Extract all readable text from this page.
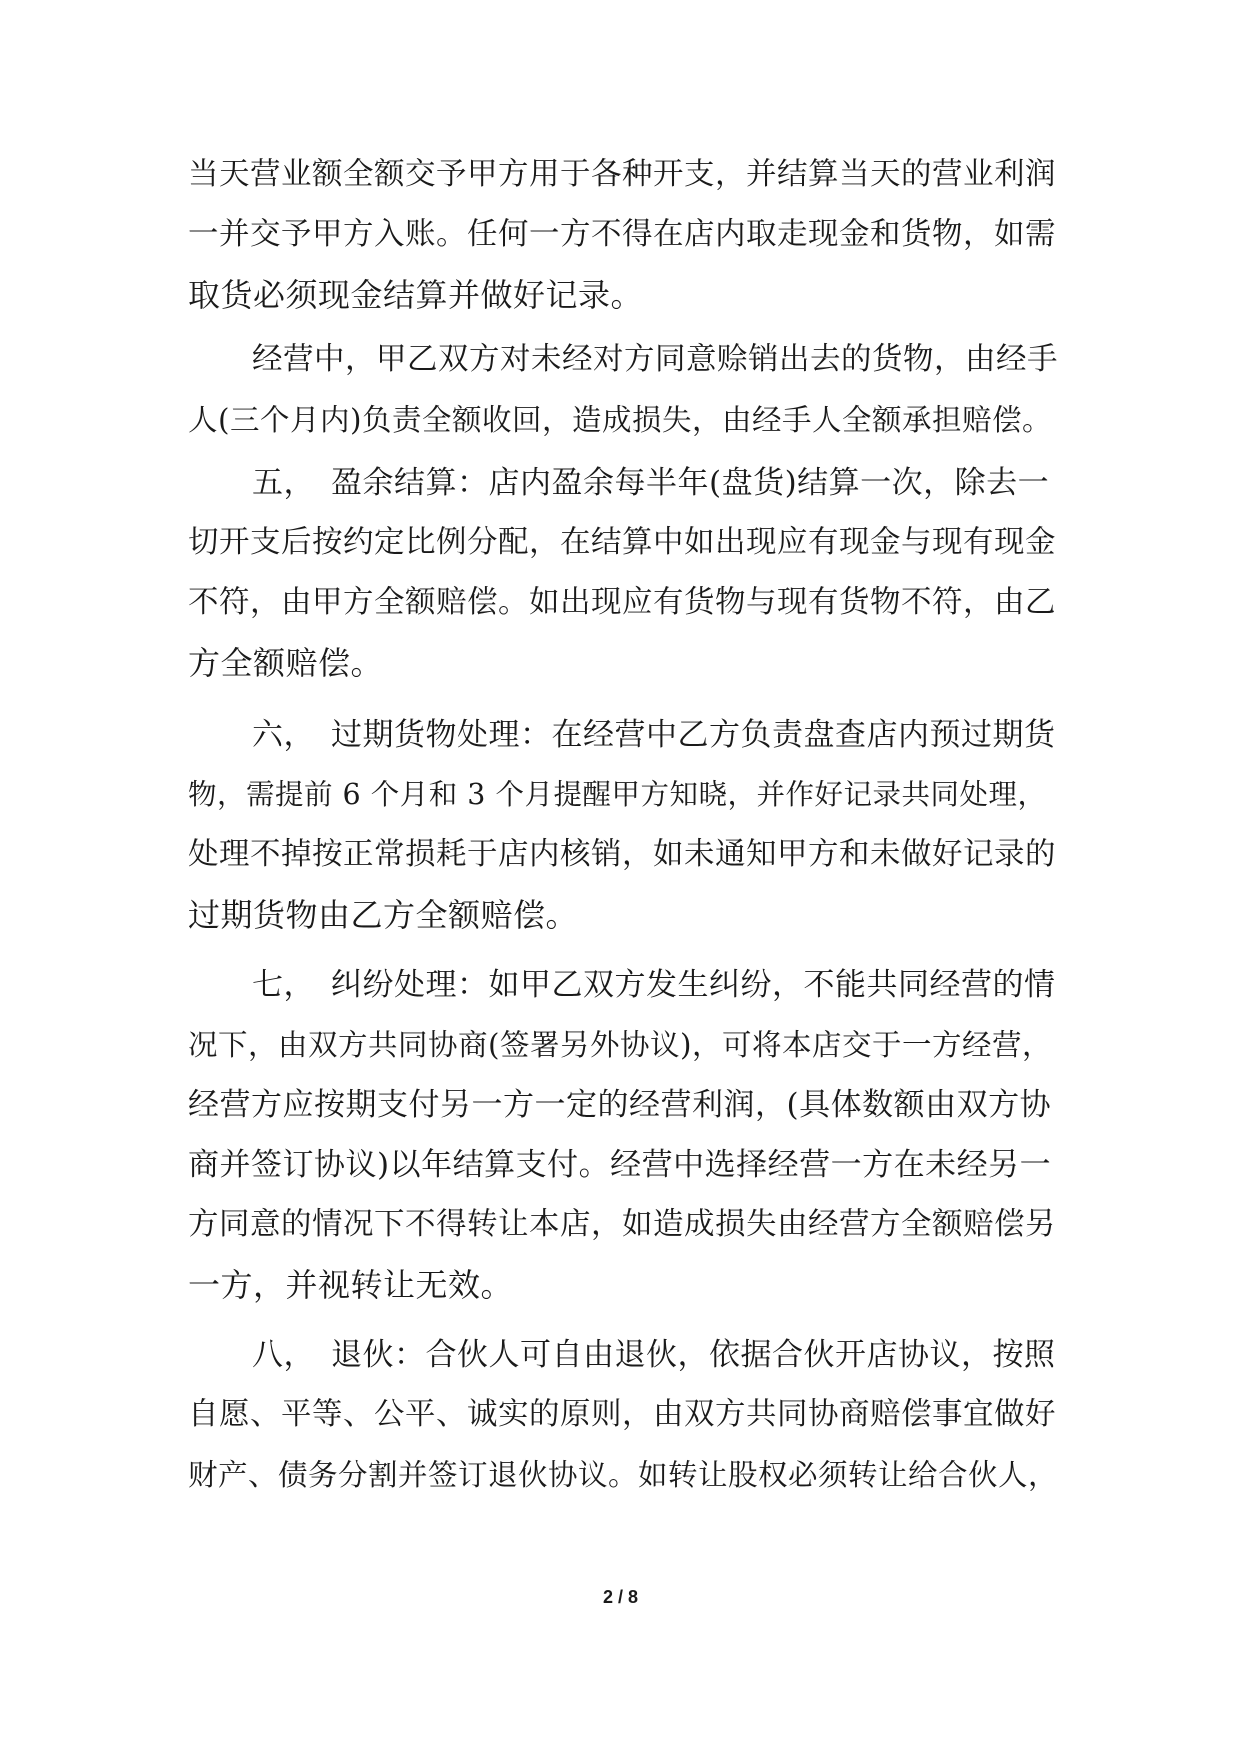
当天营业额全额交予甲方用于各种开支，并结算当天的营业利润
一并交予甲方入账。任何一方不得在店内取走现金和货物，如需
取货必须现金结算并做好记录。
经营中，甲乙双方对未经对方同意赊销出去的货物，由经手
人(三个月内)负责全额收回，造成损失，由经手人全额承担赔偿。
五，　盈余结算：店内盈余每半年(盘货)结算一次，除去一
切开支后按约定比例分配，在结算中如出现应有现金与现有现金
不符，由甲方全额赔偿。如出现应有货物与现有货物不符，由乙
方全额赔偿。
六，　过期货物处理：在经营中乙方负责盘查店内预过期货
物，需提前 6 个月和 3 个月提醒甲方知晓，并作好记录共同处理，
处理不掉按正常损耗于店内核销，如未通知甲方和未做好记录的
过期货物由乙方全额赔偿。
七，　纠纷处理：如甲乙双方发生纠纷，不能共同经营的情
况下，由双方共同协商(签署另外协议)，可将本店交于一方经营，
经营方应按期支付另一方一定的经营利润，(具体数额由双方协
商并签订协议)以年结算支付。经营中选择经营一方在未经另一
方同意的情况下不得转让本店，如造成损失由经营方全额赔偿另
一方，并视转让无效。
八，　退伙：合伙人可自由退伙，依据合伙开店协议，按照
自愿、平等、公平、诚实的原则，由双方共同协商赔偿事宜做好
财产、债务分割并签订退伙协议。如转让股权必须转让给合伙人，
2 / 8
